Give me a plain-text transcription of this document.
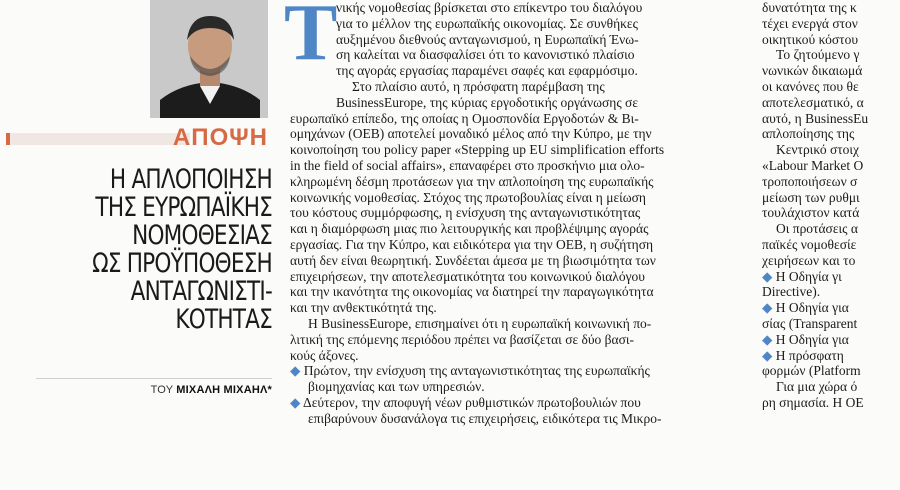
ΑΠΟΨΗ
Η ΑΠΛΟΠΟΙΗΣΗ
ΤΗΣ ΕΥΡΩΠΑΪΚΗΣ
ΝΟΜΟΘΕΣΙΑΣ
ΩΣ ΠΡΟΫΠΟΘΕΣΗ
ΑΝΤΑΓΩΝΙΣΤΙ-
ΚΟΤΗΤΑΣ
ΤΟΥ ΜΙΧΑΛΗ ΜΙΧΑΗΛ*
Τ
νικής νομοθεσίας βρίσκεται στο επίκεντρο του διαλόγου
για το μέλλον της ευρωπαϊκής οικονομίας. Σε συνθήκες
αυξημένου διεθνούς ανταγωνισμού, η Ευρωπαϊκή Ένω-
ση καλείται να διασφαλίσει ότι το κανονιστικό πλαίσιο
της αγοράς εργασίας παραμένει σαφές και εφαρμόσιμο.
Στο πλαίσιο αυτό, η πρόσφατη παρέμβαση της
BusinessEurope, της κύριας εργοδοτικής οργάνωσης σε
ευρωπαϊκό επίπεδο, της οποίας η Ομοσπονδία Εργοδοτών & Βι-
ομηχάνων (ΟΕΒ) αποτελεί μοναδικό μέλος από την Κύπρο, με την
κοινοποίηση του policy paper «Stepping up EU simplification efforts
in the field of social affairs», επαναφέρει στο προσκήνιο μια ολο-
κληρωμένη δέσμη προτάσεων για την απλοποίηση της ευρωπαϊκής
κοινωνικής νομοθεσίας. Στόχος της πρωτοβουλίας είναι η μείωση
του κόστους συμμόρφωσης, η ενίσχυση της ανταγωνιστικότητας
και η διαμόρφωση μιας πιο λειτουργικής και προβλέψιμης αγοράς
εργασίας. Για την Κύπρο, και ειδικότερα για την ΟΕΒ, η συζήτηση
αυτή δεν είναι θεωρητική. Συνδέεται άμεσα με τη βιωσιμότητα των
επιχειρήσεων, την αποτελεσματικότητα του κοινωνικού διαλόγου
και την ικανότητα της οικονομίας να διατηρεί την παραγωγικότητα
και την ανθεκτικότητά της.
Η BusinessEurope, επισημαίνει ότι η ευρωπαϊκή κοινωνική πο-
λιτική της επόμενης περιόδου πρέπει να βασίζεται σε δύο βασι-
κούς άξονες.
◆ Πρώτον, την ενίσχυση της ανταγωνιστικότητας της ευρωπαϊκής
βιομηχανίας και των υπηρεσιών.
◆ Δεύτερον, την αποφυγή νέων ρυθμιστικών πρωτοβουλιών που
επιβαρύνουν δυσανάλογα τις επιχειρήσεις, ειδικότερα τις Μικρο-
δυνατότητα της κ
τέχει ενεργά στον
οικητικού κόστου
Το ζητούμενο γ
νωνικών δικαιωμά
οι κανόνες που θε
αποτελεσματικό, α
αυτό, η BusinessEu
απλοποίησης της
Κεντρικό στοιχ
«Labour Market O
τροποποιήσεων σ
μείωση των ρυθμι
τουλάχιστον κατά
Οι προτάσεις α
παϊκές νομοθεσίε
χειρήσεων και το
◆ Η Οδηγία γι
Directive).
◆ Η Οδηγία για
σίας (Transparent
◆ Η Οδηγία για
◆ Η πρόσφατη
φορμών (Platform
Για μια χώρα ό
ρη σημασία. Η ΟΕ
